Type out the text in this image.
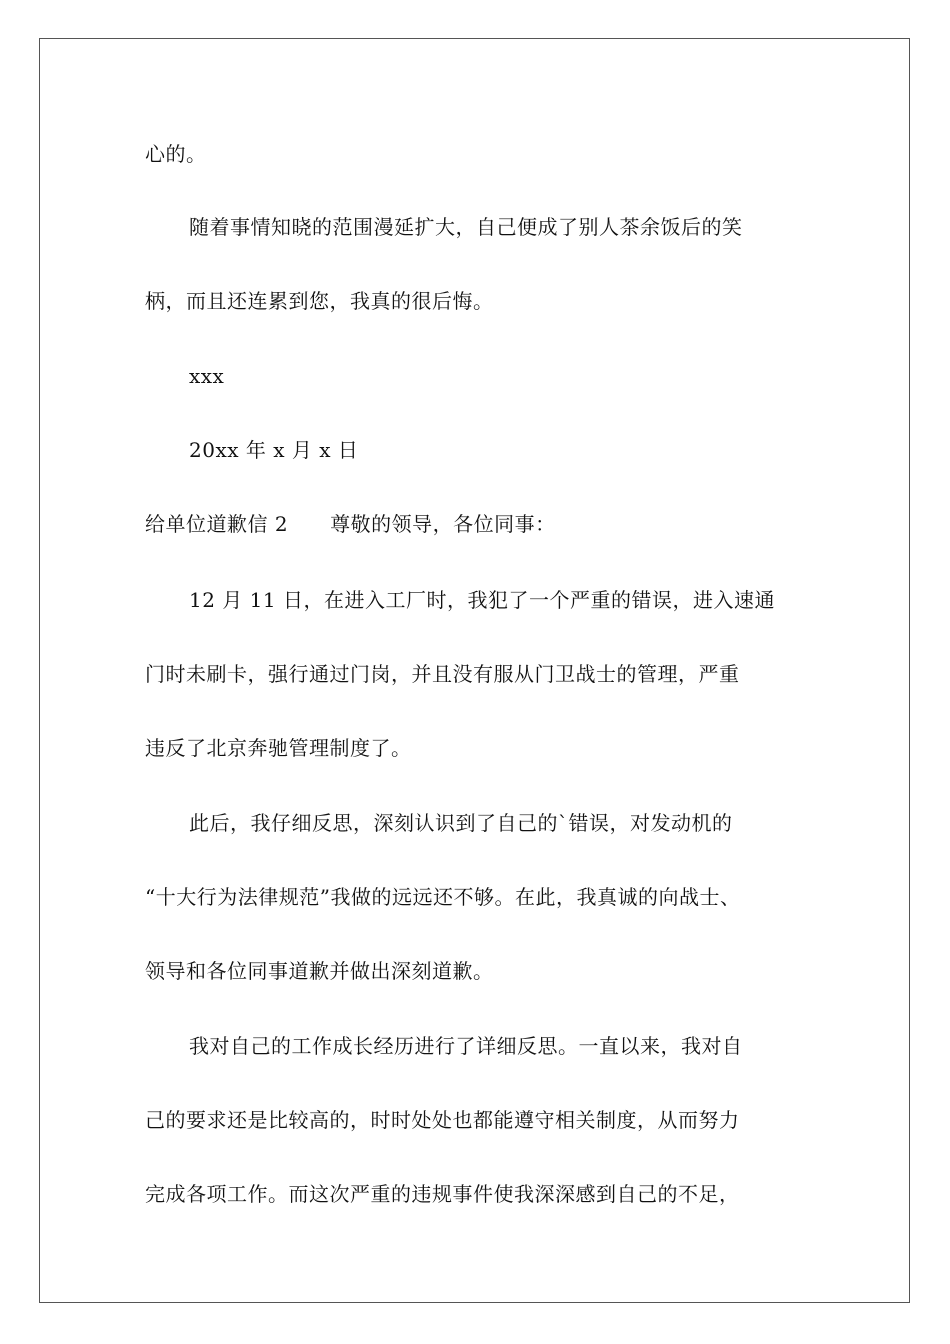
心的。
随着事情知晓的范围漫延扩大，自己便成了别人茶余饭后的笑
柄，而且还连累到您，我真的很后悔。
xxx
20xx 年 x 月 x 日
给单位道歉信 2 尊敬的领导，各位同事：
12 月 11 日，在进入工厂时，我犯了一个严重的错误，进入速通
门时未刷卡，强行通过门岗，并且没有服从门卫战士的管理，严重
违反了北京奔驰管理制度了。
此后，我仔细反思，深刻认识到了自己的`错误，对发动机的
“十大行为法律规范”我做的远远还不够。在此，我真诚的向战士、
领导和各位同事道歉并做出深刻道歉。
我对自己的工作成长经历进行了详细反思。一直以来，我对自
己的要求还是比较高的，时时处处也都能遵守相关制度，从而努力
完成各项工作。而这次严重的违规事件使我深深感到自己的不足，
